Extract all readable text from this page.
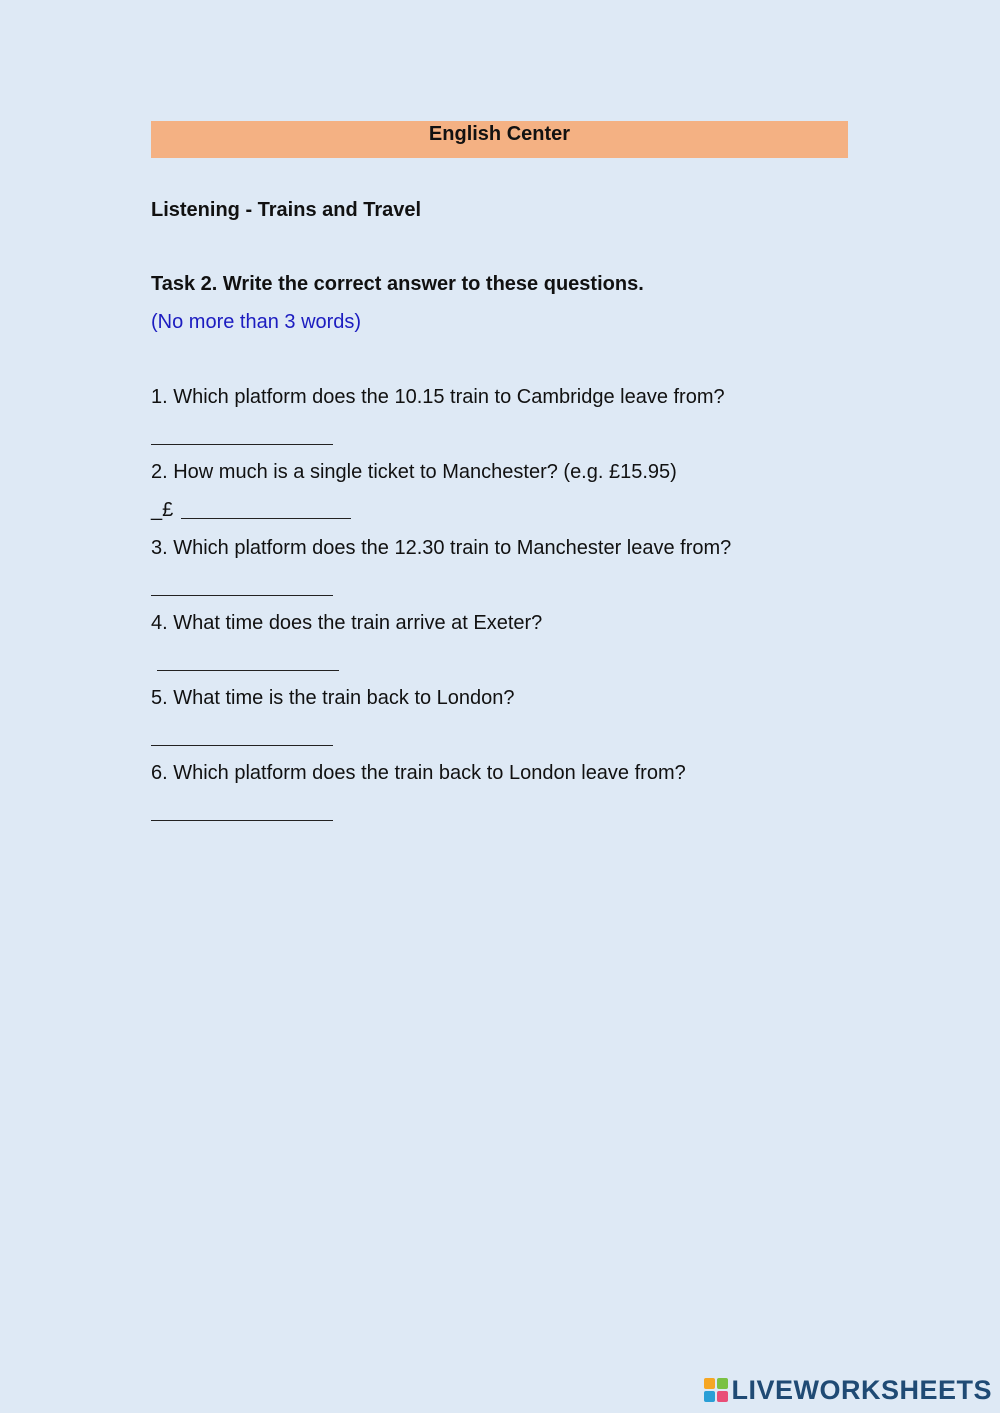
English Center
Listening - Trains and Travel
Task 2. Write the correct answer to these questions.
(No more than 3 words)
1. Which platform does the 10.15 train to Cambridge leave from?
2. How much is a single ticket to Manchester? (e.g. £15.95)
_£
3. Which platform does the 12.30 train to Manchester leave from?
4. What time does the train arrive at Exeter?
5. What time is the train back to London?
6. Which platform does the train back to London leave from?
LIVEWORKSHEETS
